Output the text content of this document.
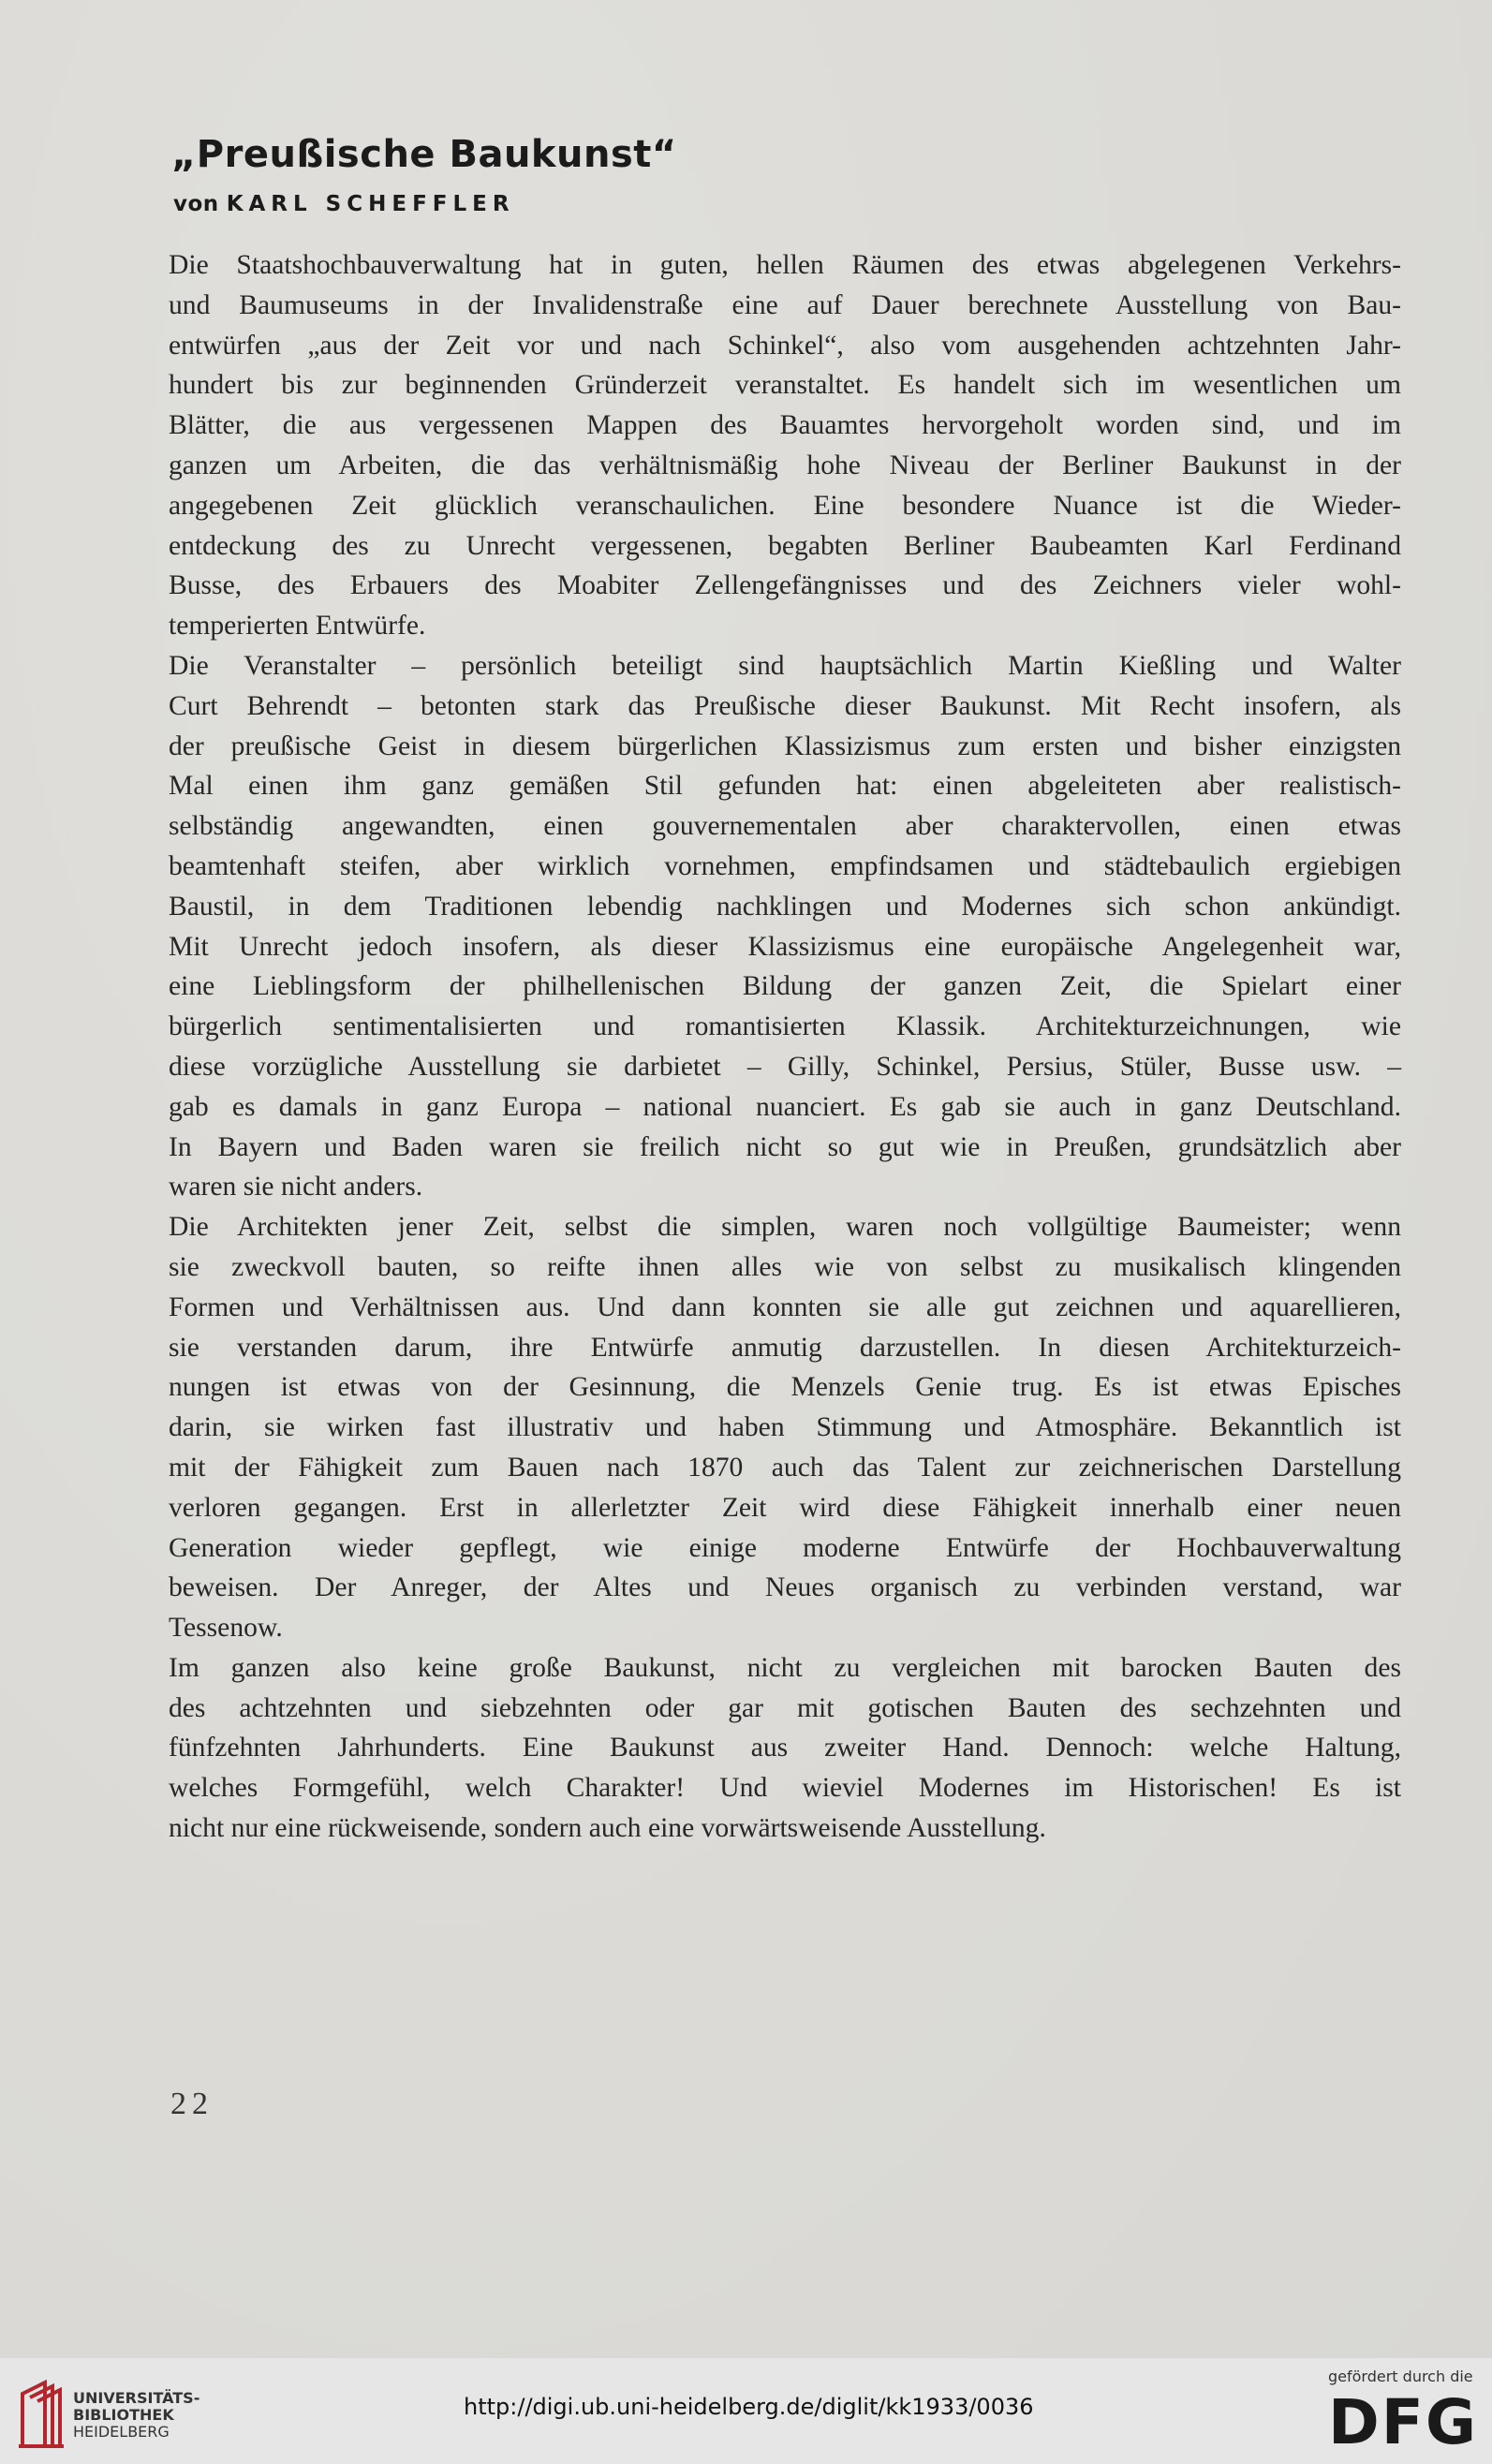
„Preußische Baukunst“
von KARL SCHEFFLER

Die Staatshochbauverwaltung hat in guten, hellen Räumen des etwas abgelegenen Verkehrs-
und Baumuseums in der Invalidenstraße eine auf Dauer berechnete Ausstellung von Bau-
entwürfen „aus der Zeit vor und nach Schinkel“, also vom ausgehenden achtzehnten Jahr-
hundert bis zur beginnenden Gründerzeit veranstaltet. Es handelt sich im wesentlichen um
Blätter, die aus vergessenen Mappen des Bauamtes hervorgeholt worden sind, und im
ganzen um Arbeiten, die das verhältnismäßig hohe Niveau der Berliner Baukunst in der
angegebenen Zeit glücklich veranschaulichen. Eine besondere Nuance ist die Wieder-
entdeckung des zu Unrecht vergessenen, begabten Berliner Baubeamten Karl Ferdinand
Busse, des Erbauers des Moabiter Zellengefängnisses und des Zeichners vieler wohl-
temperierten Entwürfe.

Die Veranstalter – persönlich beteiligt sind hauptsächlich Martin Kießling und Walter
Curt Behrendt – betonten stark das Preußische dieser Baukunst. Mit Recht insofern, als
der preußische Geist in diesem bürgerlichen Klassizismus zum ersten und bisher einzigsten
Mal einen ihm ganz gemäßen Stil gefunden hat: einen abgeleiteten aber realistisch-
selbständig angewandten, einen gouvernementalen aber charaktervollen, einen etwas
beamtenhaft steifen, aber wirklich vornehmen, empfindsamen und städtebaulich ergiebigen
Baustil, in dem Traditionen lebendig nachklingen und Modernes sich schon ankündigt.
Mit Unrecht jedoch insofern, als dieser Klassizismus eine europäische Angelegenheit war,
eine Lieblingsform der philhellenischen Bildung der ganzen Zeit, die Spielart einer
bürgerlich sentimentalisierten und romantisierten Klassik. Architekturzeichnungen, wie
diese vorzügliche Ausstellung sie darbietet – Gilly, Schinkel, Persius, Stüler, Busse usw. –
gab es damals in ganz Europa – national nuanciert. Es gab sie auch in ganz Deutschland.
In Bayern und Baden waren sie freilich nicht so gut wie in Preußen, grundsätzlich aber
waren sie nicht anders.

Die Architekten jener Zeit, selbst die simplen, waren noch vollgültige Baumeister; wenn
sie zweckvoll bauten, so reifte ihnen alles wie von selbst zu musikalisch klingenden
Formen und Verhältnissen aus. Und dann konnten sie alle gut zeichnen und aquarellieren,
sie verstanden darum, ihre Entwürfe anmutig darzustellen. In diesen Architekturzeich-
nungen ist etwas von der Gesinnung, die Menzels Genie trug. Es ist etwas Episches
darin, sie wirken fast illustrativ und haben Stimmung und Atmosphäre. Bekanntlich ist
mit der Fähigkeit zum Bauen nach 1870 auch das Talent zur zeichnerischen Darstellung
verloren gegangen. Erst in allerletzter Zeit wird diese Fähigkeit innerhalb einer neuen
Generation wieder gepflegt, wie einige moderne Entwürfe der Hochbauverwaltung
beweisen. Der Anreger, der Altes und Neues organisch zu verbinden verstand, war
Tessenow.

Im ganzen also keine große Baukunst, nicht zu vergleichen mit barocken Bauten des
des achtzehnten und siebzehnten oder gar mit gotischen Bauten des sechzehnten und
fünfzehnten Jahrhunderts. Eine Baukunst aus zweiter Hand. Dennoch: welche Haltung,
welches Formgefühl, welch Charakter! Und wieviel Modernes im Historischen! Es ist
nicht nur eine rückweisende, sondern auch eine vorwärtsweisende Ausstellung.

22
UNIVERSITÄTS-
BIBLIOTHEK
HEIDELBERG
http://digi.ub.uni-heidelberg.de/diglit/kk1933/0036
gefördert durch die
DFG
